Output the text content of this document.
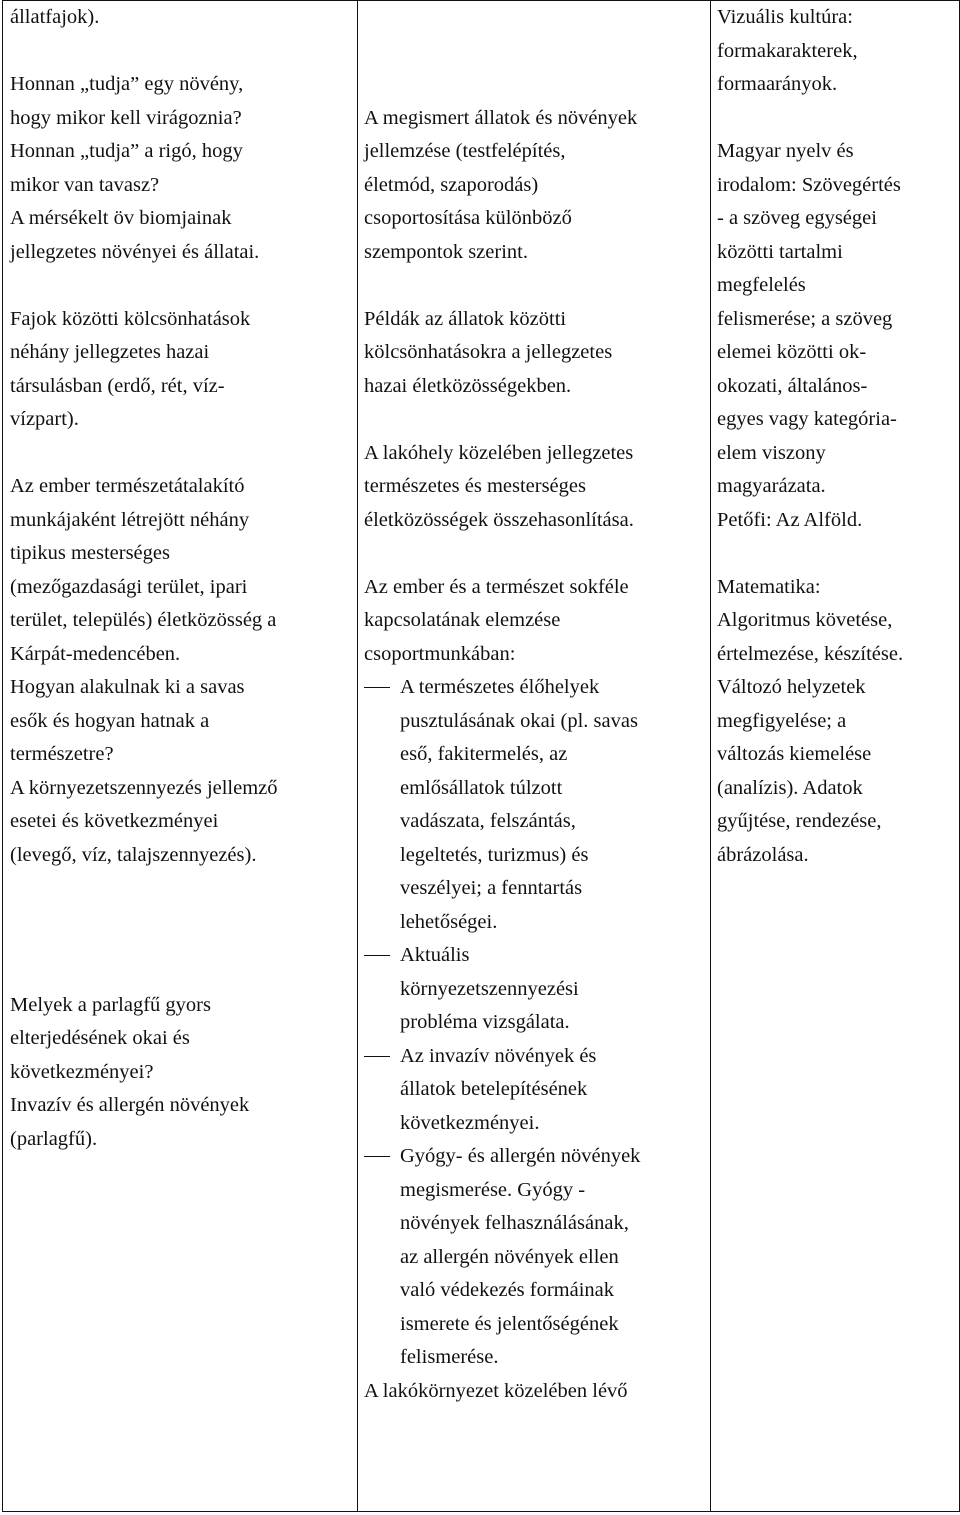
állatfajok).
Honnan „tudja” egy növény,
hogy mikor kell virágoznia?
Honnan „tudja” a rigó, hogy
mikor van tavasz?
A mérsékelt öv biomjainak
jellegzetes növényei és állatai.
Fajok közötti kölcsönhatások
néhány jellegzetes hazai
társulásban (erdő, rét, víz-
vízpart).
Az ember természetátalakító
munkájaként létrejött néhány
tipikus mesterséges
(mezőgazdasági terület, ipari
terület, település) életközösség a
Kárpát-medencében.
Hogyan alakulnak ki a savas
esők és hogyan hatnak a
természetre?
A környezetszennyezés jellemző
esetei és következményei
(levegő, víz, talajszennyezés).
Melyek a parlagfű gyors
elterjedésének okai és
következményei?
Invazív és allergén növények
(parlagfű).

A megismert állatok és növények
jellemzése (testfelépítés,
életmód, szaporodás)
csoportosítása különböző
szempontok szerint.
Példák az állatok közötti
kölcsönhatásokra a jellegzetes
hazai életközösségekben.
A lakóhely közelében jellegzetes
természetes és mesterséges
életközösségek összehasonlítása.
Az ember és a természet sokféle
kapcsolatának elemzése
csoportmunkában:
A természetes élőhelyek
pusztulásának okai (pl. savas
eső, fakitermelés, az
emlősállatok túlzott
vadászata, felszántás,
legeltetés, turizmus) és
veszélyei; a fenntartás
lehetőségei.
Aktuális
környezetszennyezési
probléma vizsgálata.
Az invazív növények és
állatok betelepítésének
következményei.
Gyógy- és allergén növények
megismerése. Gyógy -
növények felhasználásának,
az allergén növények ellen
való védekezés formáinak
ismerete és jelentőségének
felismerése.
A lakókörnyezet közelében lévő

Vizuális kultúra:
formakarakterek,
formaarányok.
Magyar nyelv és
irodalom: Szövegértés
- a szöveg egységei
közötti tartalmi
megfelelés
felismerése; a szöveg
elemei közötti ok-
okozati, általános-
egyes vagy kategória-
elem viszony
magyarázata.
Petőfi: Az Alföld.
Matematika:
Algoritmus követése,
értelmezése, készítése.
Változó helyzetek
megfigyelése; a
változás kiemelése
(analízis). Adatok
gyűjtése, rendezése,
ábrázolása.
